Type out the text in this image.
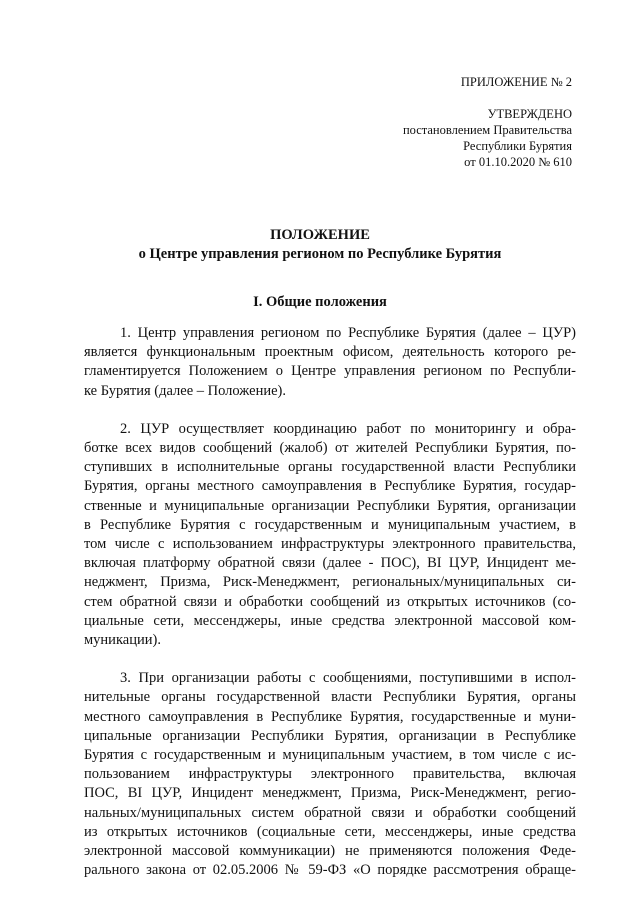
ПРИЛОЖЕНИЕ № 2
УТВЕРЖДЕНО
постановлением Правительства
Республики Бурятия
от 01.10.2020 № 610
ПОЛОЖЕНИЕ
о Центре управления регионом по Республике Бурятия
I. Общие положения
1. Центр управления регионом по Республике Бурятия (далее – ЦУР)
является функциональным проектным офисом, деятельность которого ре-
гламентируется Положением о Центре управления регионом по Республи-
ке Бурятия (далее – Положение).
2. ЦУР осуществляет координацию работ по мониторингу и обра-
ботке всех видов сообщений (жалоб) от жителей Республики Бурятия, по-
ступивших в исполнительные органы государственной власти Республики
Бурятия, органы местного самоуправления в Республике Бурятия, государ-
ственные и муниципальные организации Республики Бурятия, организации
в Республике Бурятия с государственным и муниципальным участием, в
том числе с использованием инфраструктуры электронного правительства,
включая платформу обратной связи (далее - ПОС), BI ЦУР, Инцидент ме-
неджмент, Призма, Риск-Менеджмент, региональных/муниципальных си-
стем обратной связи и обработки сообщений из открытых источников (со-
циальные сети, мессенджеры, иные средства электронной массовой ком-
муникации).
3. При организации работы с сообщениями, поступившими в испол-
нительные органы государственной власти Республики Бурятия, органы
местного самоуправления в Республике Бурятия, государственные и муни-
ципальные организации Республики Бурятия, организации в Республике
Бурятия с государственным и муниципальным участием, в том числе с ис-
пользованием инфраструктуры электронного правительства, включая
ПОС, BI ЦУР, Инцидент менеджмент, Призма, Риск-Менеджмент, регио-
нальных/муниципальных систем обратной связи и обработки сообщений
из открытых источников (социальные сети, мессенджеры, иные средства
электронной массовой коммуникации) не применяются положения Феде-
рального закона от 02.05.2006 № 59-ФЗ «О порядке рассмотрения обраще-
